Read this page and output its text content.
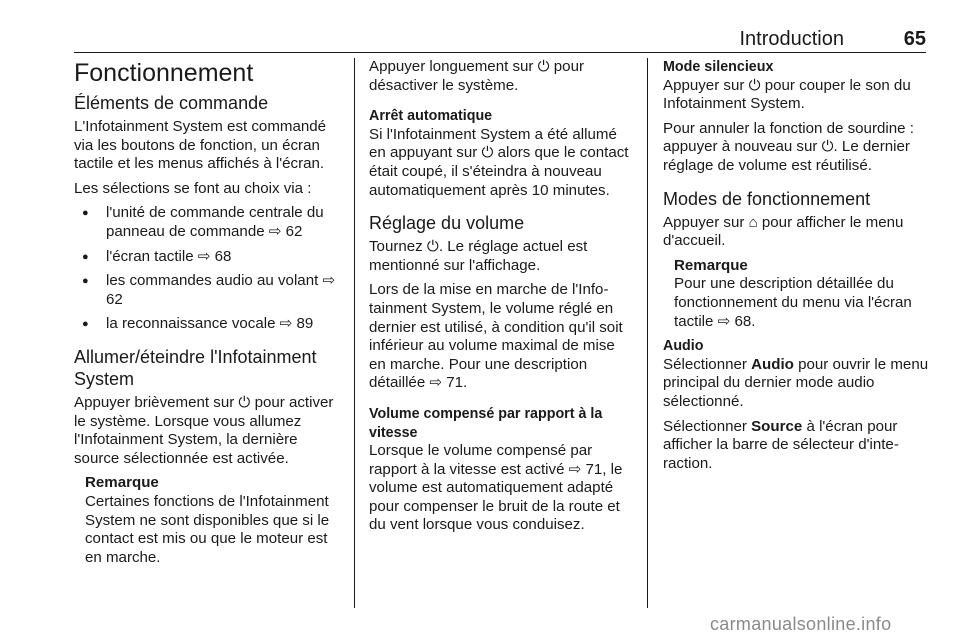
Introduction	65
Fonctionnement
Éléments de commande

L'Infotainment System est commandé via les boutons de fonction, un écran tactile et les menus affichés à l'écran.

Les sélections se font au choix via :

● l'unité de commande centrale du panneau de commande ⇨ 62
● l'écran tactile ⇨ 68
● les commandes audio au volant ⇨ 62
● la reconnaissance vocale ⇨ 89
Allumer/éteindre l'Infotainment System

Appuyer brièvement sur ⏻ pour activer le système. Lorsque vous allumez l'Infotainment System, la dernière source sélectionnée est activée.

Remarque
Certaines fonctions de l'Infotainment System ne sont disponibles que si le contact est mis ou que le moteur est en marche.

Appuyer longuement sur ⏻ pour désactiver le système.

Arrêt automatique

Si l'Infotainment System a été allumé en appuyant sur ⏻ alors que le contact était coupé, il s'éteindra à nouveau automatiquement après 10 minutes.

Réglage du volume

Tournez ⏻. Le réglage actuel est mentionné sur l'affichage.

Lors de la mise en marche de l'Infotainment System, le volume réglé en dernier est utilisé, à condition qu'il soit inférieur au volume maximal de mise en marche. Pour une description détaillée ⇨ 71.

Volume compensé par rapport à la vitesse

Lorsque le volume compensé par rapport à la vitesse est activé ⇨ 71, le volume est automatiquement adapté pour compenser le bruit de la route et du vent lorsque vous conduisez.

Mode silencieux

Appuyer sur ⏻ pour couper le son du Infotainment System.

Pour annuler la fonction de sourdine : appuyer à nouveau sur ⏻. Le dernier réglage de volume est réutilisé.

Modes de fonctionnement

Appuyer sur ⌂ pour afficher le menu d'accueil.

Remarque
Pour une description détaillée du fonctionnement du menu via l'écran tactile ⇨ 68.
Audio

Sélectionner Audio pour ouvrir le menu principal du dernier mode audio sélectionné.

Sélectionner Source à l'écran pour afficher la barre de sélecteur d'interaction.

carmanualsonline.info
